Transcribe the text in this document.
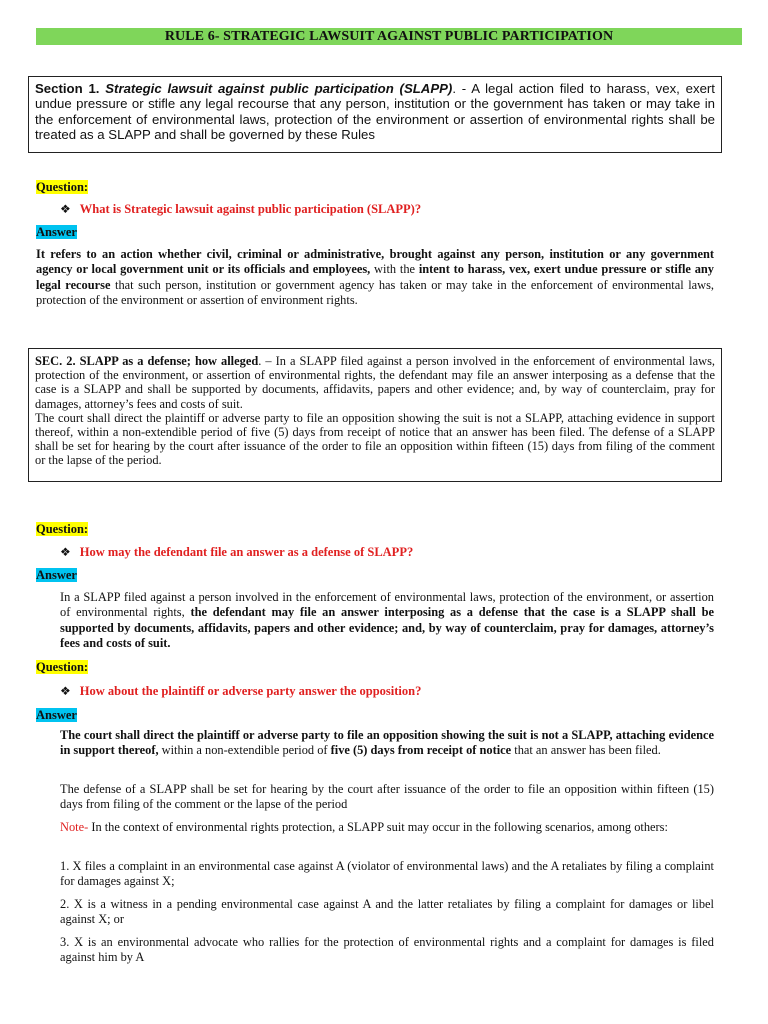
RULE 6- STRATEGIC LAWSUIT AGAINST PUBLIC PARTICIPATION
Section 1. Strategic lawsuit against public participation (SLAPP). - A legal action filed to harass, vex, exert undue pressure or stifle any legal recourse that any person, institution or the government has taken or may take in the enforcement of environmental laws, protection of the environment or assertion of environmental rights shall be treated as a SLAPP and shall be governed by these Rules
Question:
❖ What is Strategic lawsuit against public participation (SLAPP)?
Answer
It refers to an action whether civil, criminal or administrative, brought against any person, institution or any government agency or local government unit or its officials and employees, with the intent to harass, vex, exert undue pressure or stifle any legal recourse that such person, institution or government agency has taken or may take in the enforcement of environmental laws, protection of the environment or assertion of environment rights.
SEC. 2. SLAPP as a defense; how alleged. – In a SLAPP filed against a person involved in the enforcement of environmental laws, protection of the environment, or assertion of environmental rights, the defendant may file an answer interposing as a defense that the case is a SLAPP and shall be supported by documents, affidavits, papers and other evidence; and, by way of counterclaim, pray for damages, attorney’s fees and costs of suit.
The court shall direct the plaintiff or adverse party to file an opposition showing the suit is not a SLAPP, attaching evidence in support thereof, within a non-extendible period of five (5) days from receipt of notice that an answer has been filed. The defense of a SLAPP shall be set for hearing by the court after issuance of the order to file an opposition within fifteen (15) days from filing of the comment or the lapse of the period.
Question:
❖ How may the defendant file an answer as a defense of SLAPP?
Answer
In a SLAPP filed against a person involved in the enforcement of environmental laws, protection of the environment, or assertion of environmental rights, the defendant may file an answer interposing as a defense that the case is a SLAPP shall be supported by documents, affidavits, papers and other evidence; and, by way of counterclaim, pray for damages, attorney’s fees and costs of suit.
Question:
❖ How about the plaintiff or adverse party answer the opposition?
Answer
The court shall direct the plaintiff or adverse party to file an opposition showing the suit is not a SLAPP, attaching evidence in support thereof, within a non-extendible period of five (5) days from receipt of notice that an answer has been filed.
The defense of a SLAPP shall be set for hearing by the court after issuance of the order to file an opposition within fifteen (15) days from filing of the comment or the lapse of the period
Note- In the context of environmental rights protection, a SLAPP suit may occur in the following scenarios, among others:
1. X files a complaint in an environmental case against A (violator of environmental laws) and the A retaliates by filing a complaint for damages against X;
2. X is a witness in a pending environmental case against A and the latter retaliates by filing a complaint for damages or libel against X; or
3. X is an environmental advocate who rallies for the protection of environmental rights and a complaint for damages is filed against him by A
